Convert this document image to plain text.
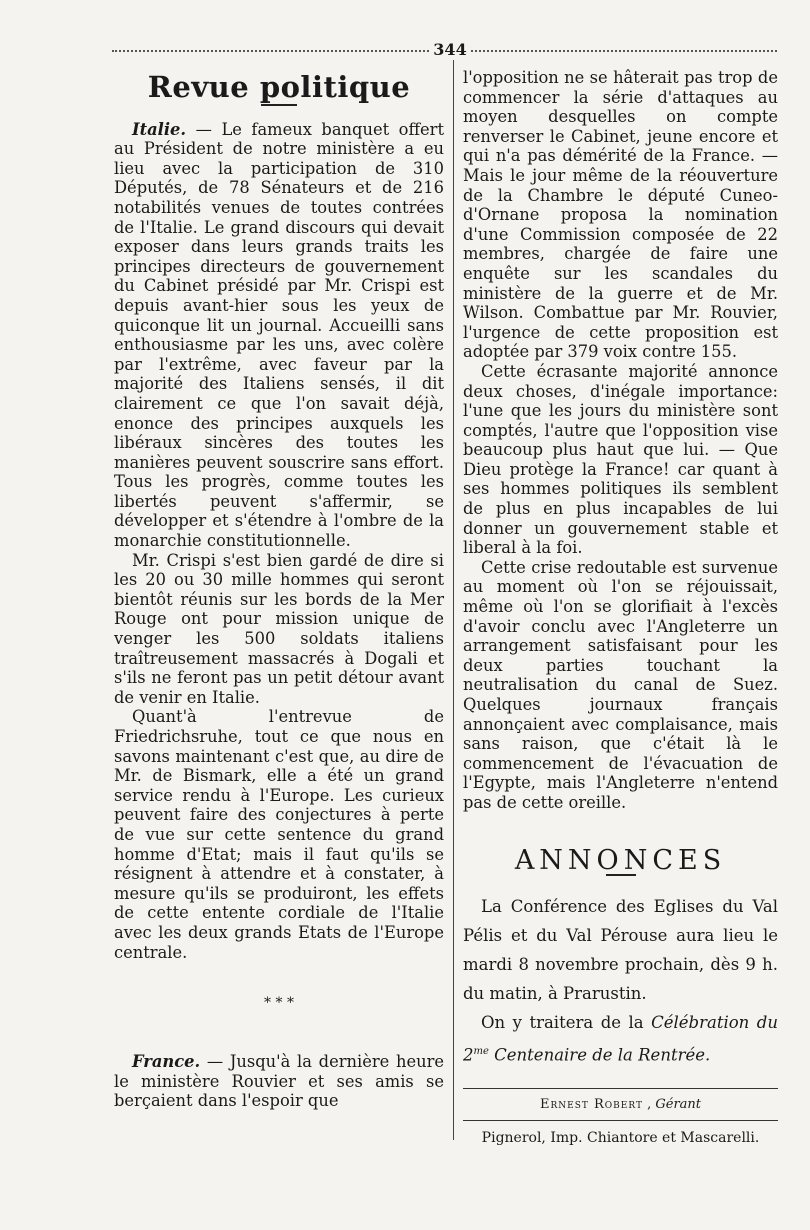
344
Revue politique

Italie. — Le fameux banquet offert au Président de notre ministère a eu lieu avec la participation de 310 Députés, de 78 Sénateurs et de 216 notabilités venues de toutes contrées de l'Italie. Le grand discours qui devait exposer dans leurs grands traits les principes directeurs de gouvernement du Cabinet présidé par Mr. Crispi est depuis avant-hier sous les yeux de quiconque lit un journal. Accueilli sans enthousiasme par les uns, avec colère par l'extrême, avec faveur par la majorité des Italiens sensés, il dit clairement ce que l'on savait déjà, enonce des principes auxquels les libéraux sincères des toutes les manières peuvent souscrire sans effort. Tous les progrès, comme toutes les libertés peuvent s'affermir, se développer et s'étendre à l'ombre de la monarchie constitutionnelle.

Mr. Crispi s'est bien gardé de dire si les 20 ou 30 mille hommes qui seront bientôt réunis sur les bords de la Mer Rouge ont pour mission unique de venger les 500 soldats italiens traîtreusement massacrés à Dogali et s'ils ne feront pas un petit détour avant de venir en Italie.

Quant'à l'entrevue de Friedrichsruhe, tout ce que nous en savons maintenant c'est que, au dire de Mr. de Bismark, elle a été un grand service rendu à l'Europe. Les curieux peuvent faire des conjectures à perte de vue sur cette sentence du grand homme d'Etat; mais il faut qu'ils se résignent à attendre et à constater, à mesure qu'ils se produiront, les effets de cette entente cordiale de l'Italie avec les deux grands Etats de l'Europe centrale.

* * *

France. — Jusqu'à la dernière heure le ministère Rouvier et ses amis se berçaient dans l'espoir que

l'opposition ne se hâterait pas trop de commencer la série d'attaques au moyen desquelles on compte renverser le Cabinet, jeune encore et qui n'a pas démérité de la France. — Mais le jour même de la réouverture de la Chambre le député Cuneo-d'Ornane proposa la nomination d'une Commission composée de 22 membres, chargée de faire une enquête sur les scandales du ministère de la guerre et de Mr. Wilson. Combattue par Mr. Rouvier, l'urgence de cette proposition est adoptée par 379 voix contre 155.

Cette écrasante majorité annonce deux choses, d'inégale importance: l'une que les jours du ministère sont comptés, l'autre que l'opposition vise beaucoup plus haut que lui. — Que Dieu protège la France! car quant à ses hommes politiques ils semblent de plus en plus incapables de lui donner un gouvernement stable et liberal à la foi.

Cette crise redoutable est survenue au moment où l'on se réjouissait, même où l'on se glorifiait à l'excès d'avoir conclu avec l'Angleterre un arrangement satisfaisant pour les deux parties touchant la neutralisation du canal de Suez. Quelques journaux français annonçaient avec complaisance, mais sans raison, que c'était là le commencement de l'évacuation de l'Egypte, mais l'Angleterre n'entend pas de cette oreille.

ANNONCES

La Conférence des Eglises du Val Pélis et du Val Pérouse aura lieu le mardi 8 novembre prochain, dès 9 h. du matin, à Prarustin.

On y traitera de la Célébration du $2^{me}$ Centenaire de la Rentrée.

Ernest Robert , Gérant
Pignerol, Imp. Chiantore et Mascarelli.
